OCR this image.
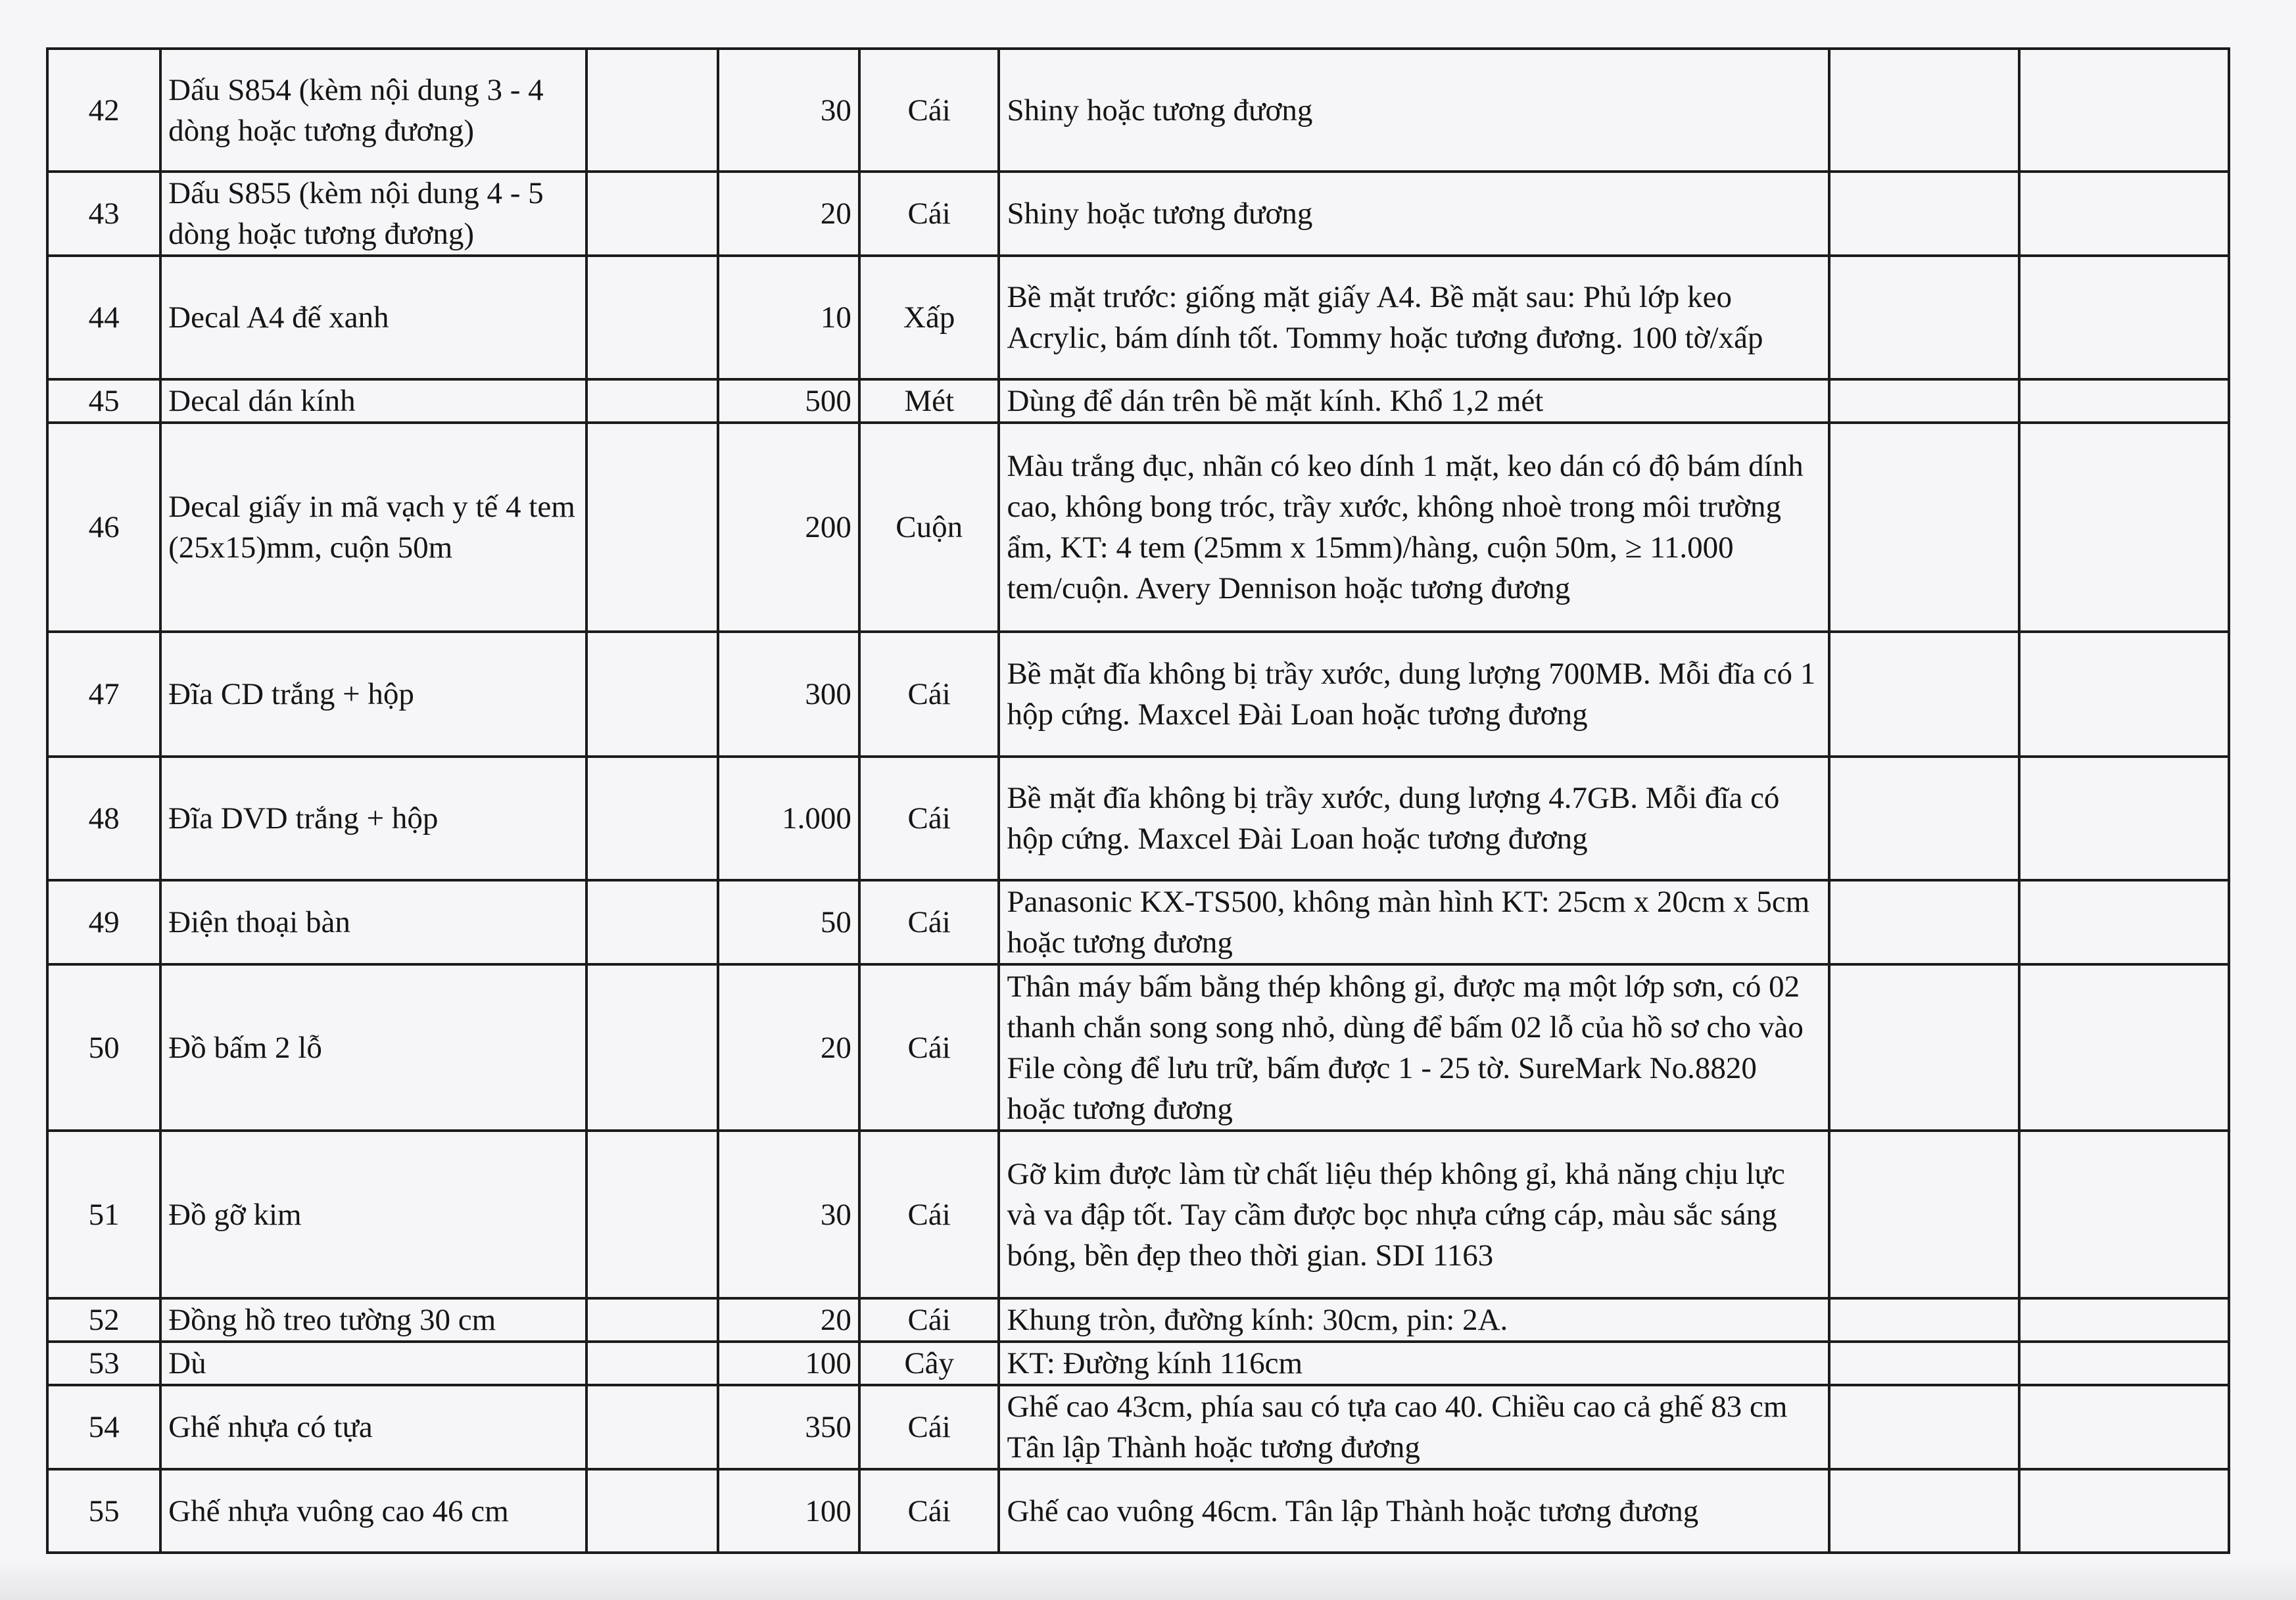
42	Dấu S854 (kèm nội dung 3 - 4 dòng hoặc tương đương)		30	Cái	Shiny hoặc tương đương		
43	Dấu S855 (kèm nội dung 4 - 5 dòng hoặc tương đương)		20	Cái	Shiny hoặc tương đương		
44	Decal A4 đế xanh		10	Xấp	Bề mặt trước: giống mặt giấy A4. Bề mặt sau: Phủ lớp keo Acrylic, bám dính tốt. Tommy hoặc tương đương. 100 tờ/xấp		
45	Decal dán kính		500	Mét	Dùng để dán trên bề mặt kính. Khổ 1,2 mét		
46	Decal giấy in mã vạch y tế 4 tem (25x15)mm, cuộn 50m		200	Cuộn	Màu trắng đục, nhãn có keo dính 1 mặt, keo dán có độ bám dính cao, không bong tróc, trầy xước, không nhoè trong môi trường ẩm, KT: 4 tem (25mm x 15mm)/hàng, cuộn 50m, ≥ 11.000 tem/cuộn. Avery Dennison hoặc tương đương		
47	Đĩa CD trắng + hộp		300	Cái	Bề mặt đĩa không bị trầy xước, dung lượng 700MB. Mỗi đĩa có 1 hộp cứng. Maxcel Đài Loan hoặc tương đương		
48	Đĩa DVD trắng + hộp		1.000	Cái	Bề mặt đĩa không bị trầy xước, dung lượng 4.7GB. Mỗi đĩa có hộp cứng. Maxcel Đài Loan hoặc tương đương		
49	Điện thoại bàn		50	Cái	Panasonic KX-TS500, không màn hình KT: 25cm x 20cm x 5cm hoặc tương đương		
50	Đồ bấm 2 lỗ		20	Cái	Thân máy bấm bằng thép không gỉ, được mạ một lớp sơn, có 02 thanh chắn song song nhỏ, dùng để bấm 02 lỗ của hồ sơ cho vào File còng để lưu trữ, bấm được 1 - 25 tờ. SureMark No.8820 hoặc tương đương		
51	Đồ gỡ kim		30	Cái	Gỡ kim được làm từ chất liệu thép không gỉ, khả năng chịu lực và va đập tốt. Tay cầm được bọc nhựa cứng cáp, màu sắc sáng bóng, bền đẹp theo thời gian. SDI 1163		
52	Đồng hồ treo tường 30 cm		20	Cái	Khung tròn, đường kính: 30cm, pin: 2A.		
53	Dù		100	Cây	KT: Đường kính 116cm		
54	Ghế nhựa có tựa		350	Cái	Ghế cao 43cm, phía sau có tựa cao 40. Chiều cao cả ghế 83 cm Tân lập Thành hoặc tương đương		
55	Ghế nhựa vuông cao 46 cm		100	Cái	Ghế cao vuông 46cm. Tân lập Thành hoặc tương đương		
